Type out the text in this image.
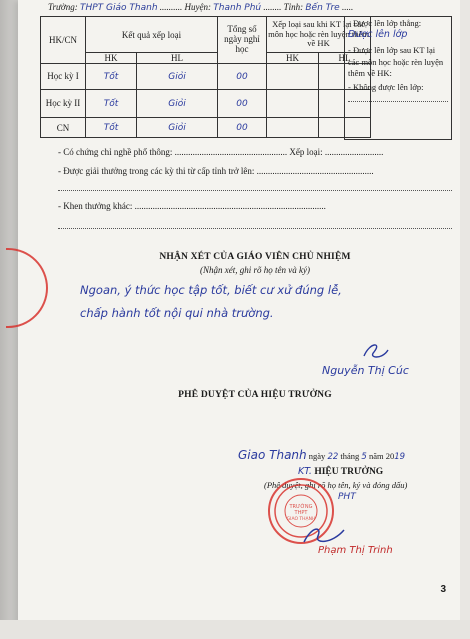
Trường: THPT Giáo Thanh .......... Huyện: Thanh Phú ........ Tỉnh: Bến Tre .....
HK/CN	Kết quả xếp loại		Tổng số ngày nghỉ học	Xếp loại sau khi KT lại các môn học hoặc rèn luyện thêm về HK	
	HK	HL		HK	HL
Học kỳ I	Tốt	Giỏi	00		
Học kỳ II	Tốt	Giỏi	00		
CN	Tốt	Giỏi	00		
- Được lên lớp thẳng:
Được lên lớp
- Được lên lớp sau KT lại các môn học hoặc rèn luyện thêm về HK:
- Không được lên lớp:
- Có chứng chỉ nghề phổ thông: .................................................. Xếp loại: ..........................
- Được giải thưởng trong các kỳ thi từ cấp tỉnh trở lên: ....................................................
- Khen thưởng khác: .....................................................................................
NHẬN XÉT CỦA GIÁO VIÊN CHỦ NHIỆM
(Nhận xét, ghi rõ họ tên và ký)
Ngoan, ý thức học tập tốt, biết cư xử đúng lễ,
chấp hành tốt nội qui nhà trường.
Nguyễn Thị Cúc
PHÊ DUYỆT CỦA HIỆU TRƯỞNG
Giao Thanh ngày 22 tháng 5 năm 2019
KT. HIỆU TRƯỞNG
(Phê duyệt, ghi rõ họ tên, ký và đóng dấu)
PHT
TRƯỜNG
THPT
GIAO THẠNH
Phạm Thị Trinh
3
